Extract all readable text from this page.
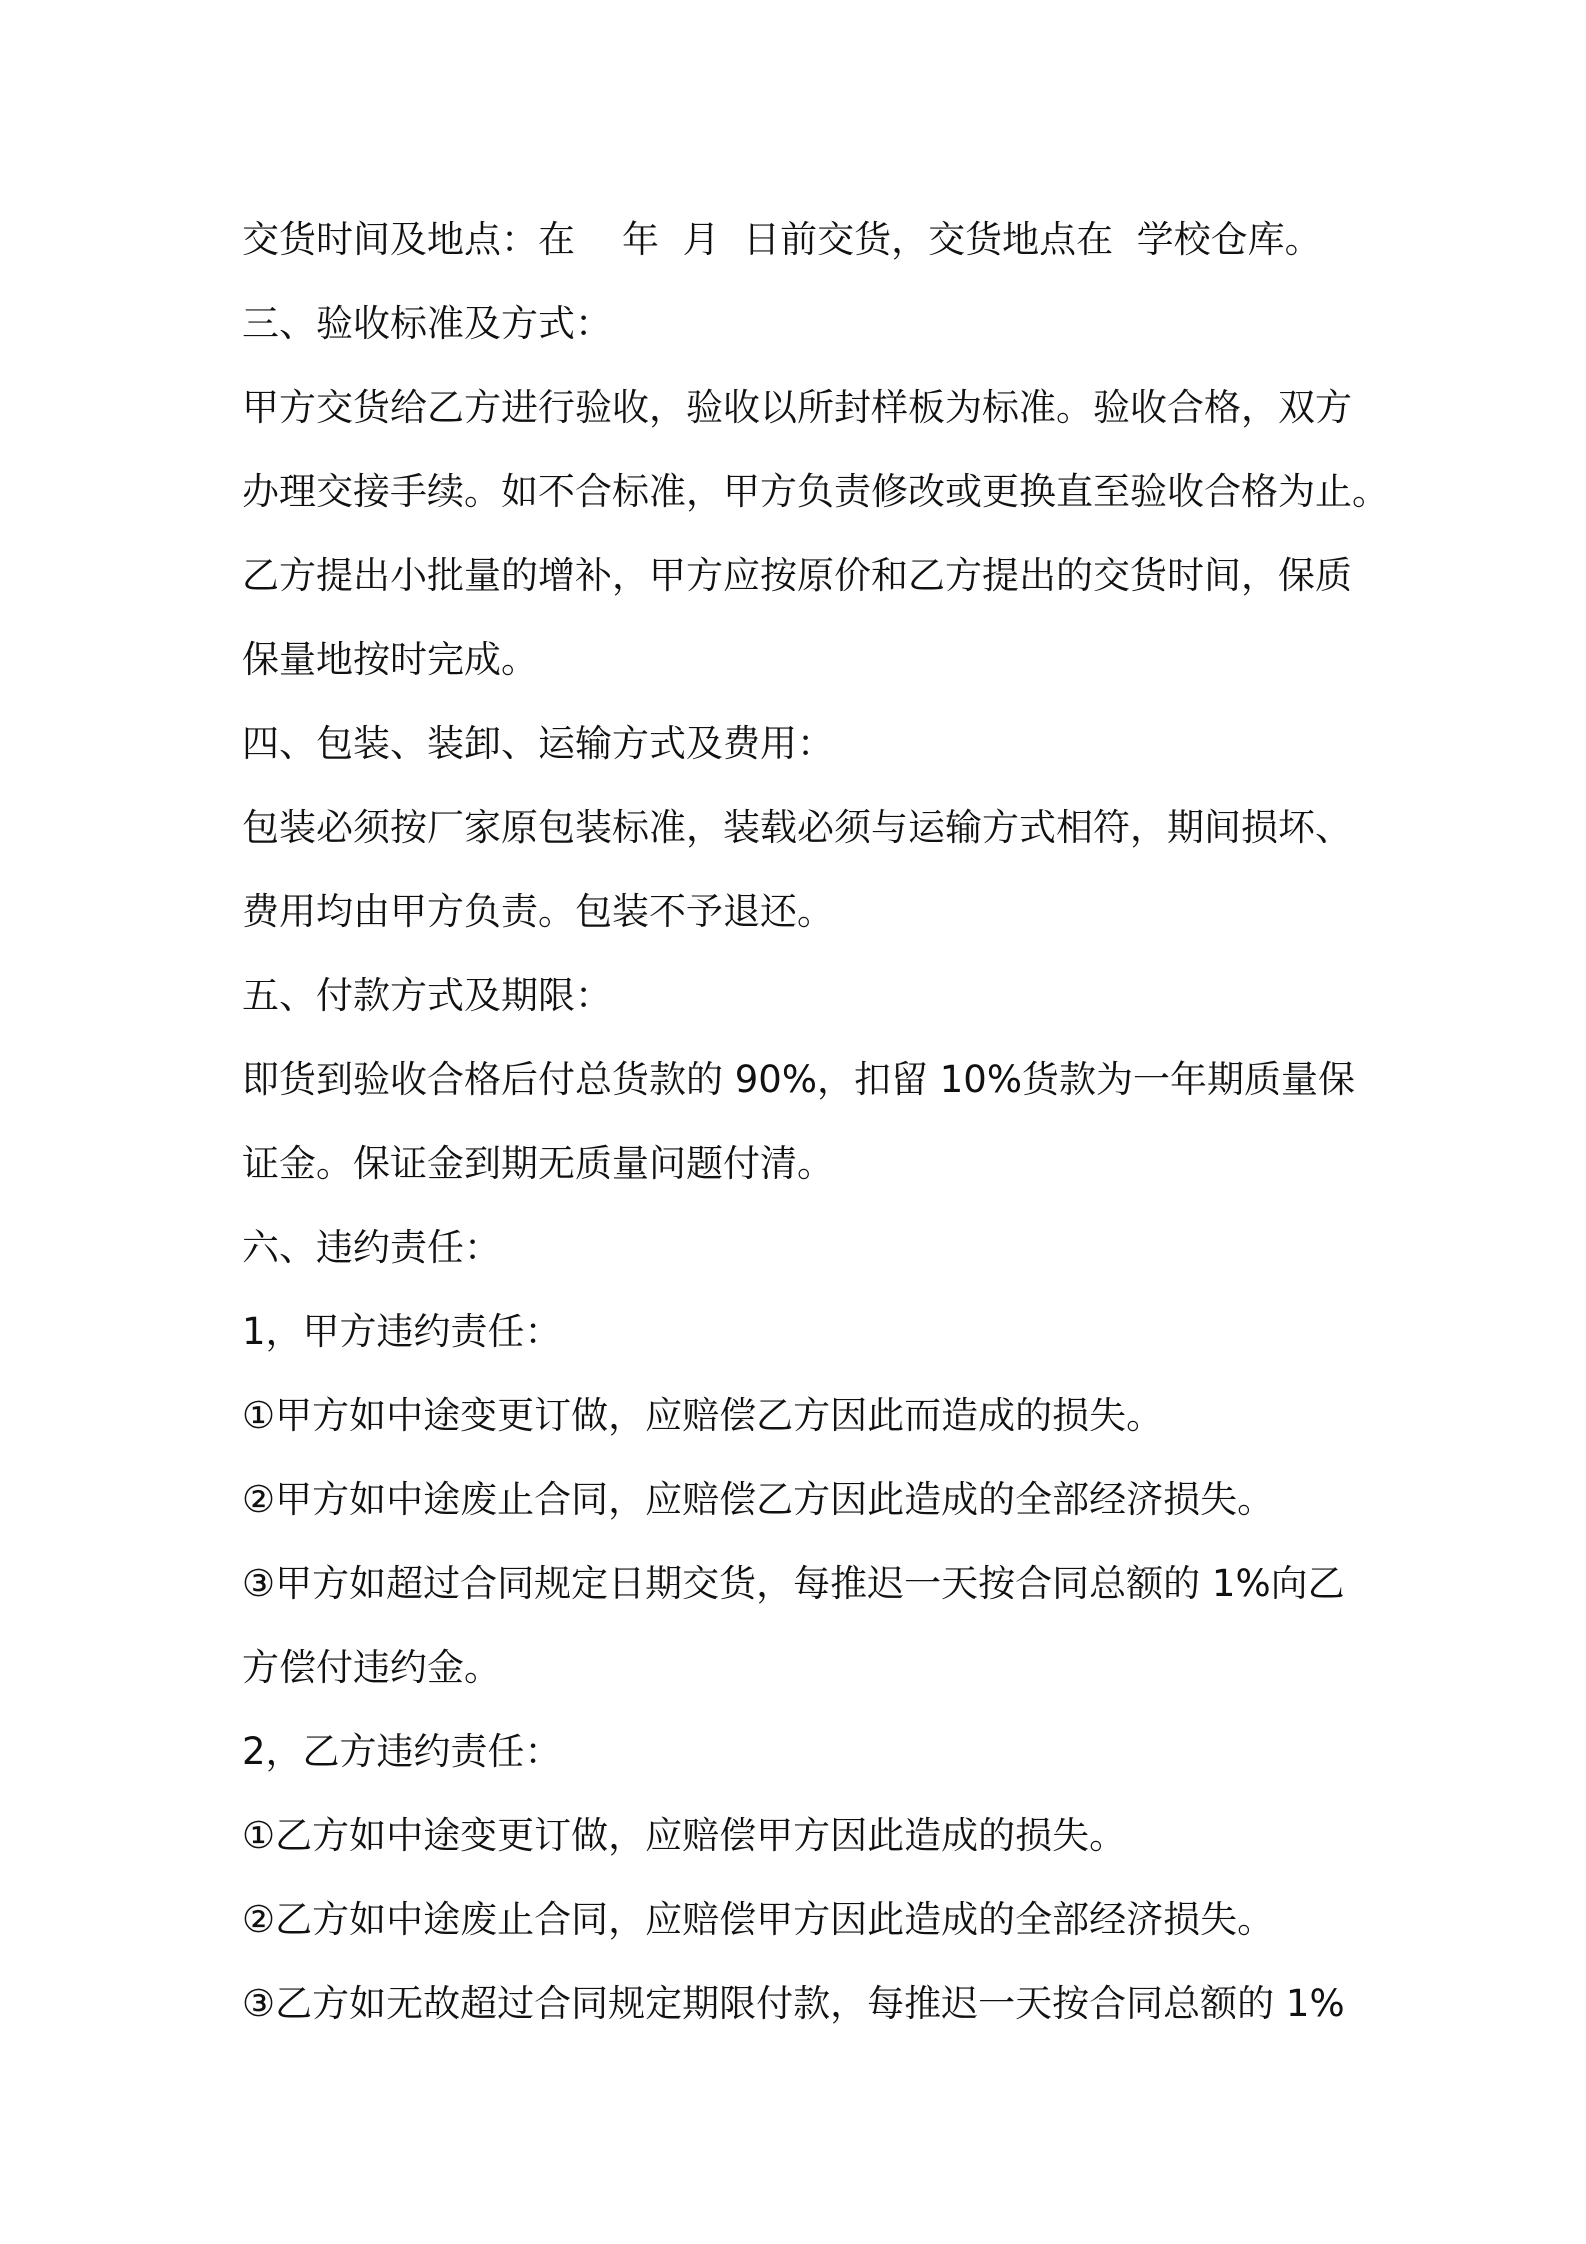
交货时间及地点：在    年  月  日前交货，交货地点在  学校仓库。
三、验收标准及方式：
甲方交货给乙方进行验收，验收以所封样板为标准。验收合格，双方
办理交接手续。如不合标准，甲方负责修改或更换直至验收合格为止。
乙方提出小批量的增补，甲方应按原价和乙方提出的交货时间，保质
保量地按时完成。
四、包装、装卸、运输方式及费用：
包装必须按厂家原包装标准，装载必须与运输方式相符，期间损坏、
费用均由甲方负责。包装不予退还。
五、付款方式及期限：
即货到验收合格后付总货款的 90%，扣留 10%货款为一年期质量保
证金。保证金到期无质量问题付清。
六、违约责任：
1，甲方违约责任：
①甲方如中途变更订做，应赔偿乙方因此而造成的损失。
②甲方如中途废止合同，应赔偿乙方因此造成的全部经济损失。
③甲方如超过合同规定日期交货，每推迟一天按合同总额的 1%向乙
方偿付违约金。
2，乙方违约责任：
①乙方如中途变更订做，应赔偿甲方因此造成的损失。
②乙方如中途废止合同，应赔偿甲方因此造成的全部经济损失。
③乙方如无故超过合同规定期限付款，每推迟一天按合同总额的 1%
